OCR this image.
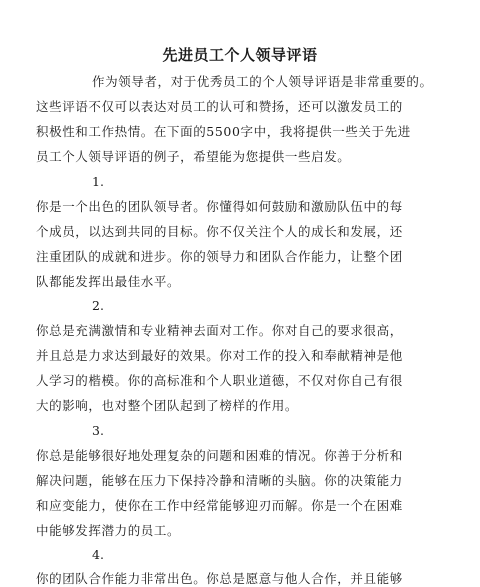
先进员工个人领导评语
作为领导者，对于优秀员工的个人领导评语是非常重要的。
这些评语不仅可以表达对员工的认可和赞扬，还可以激发员工的
积极性和工作热情。在下面的5500字中，我将提供一些关于先进
员工个人领导评语的例子，希望能为您提供一些启发。
1.
你是一个出色的团队领导者。你懂得如何鼓励和激励队伍中的每
个成员，以达到共同的目标。你不仅关注个人的成长和发展，还
注重团队的成就和进步。你的领导力和团队合作能力，让整个团
队都能发挥出最佳水平。
2.
你总是充满激情和专业精神去面对工作。你对自己的要求很高，
并且总是力求达到最好的效果。你对工作的投入和奉献精神是他
人学习的楷模。你的高标准和个人职业道德，不仅对你自己有很
大的影响，也对整个团队起到了榜样的作用。
3.
你总是能够很好地处理复杂的问题和困难的情况。你善于分析和
解决问题，能够在压力下保持冷静和清晰的头脑。你的决策能力
和应变能力，使你在工作中经常能够迎刃而解。你是一个在困难
中能够发挥潜力的员工。
4.
你的团队合作能力非常出色。你总是愿意与他人合作，并且能够
